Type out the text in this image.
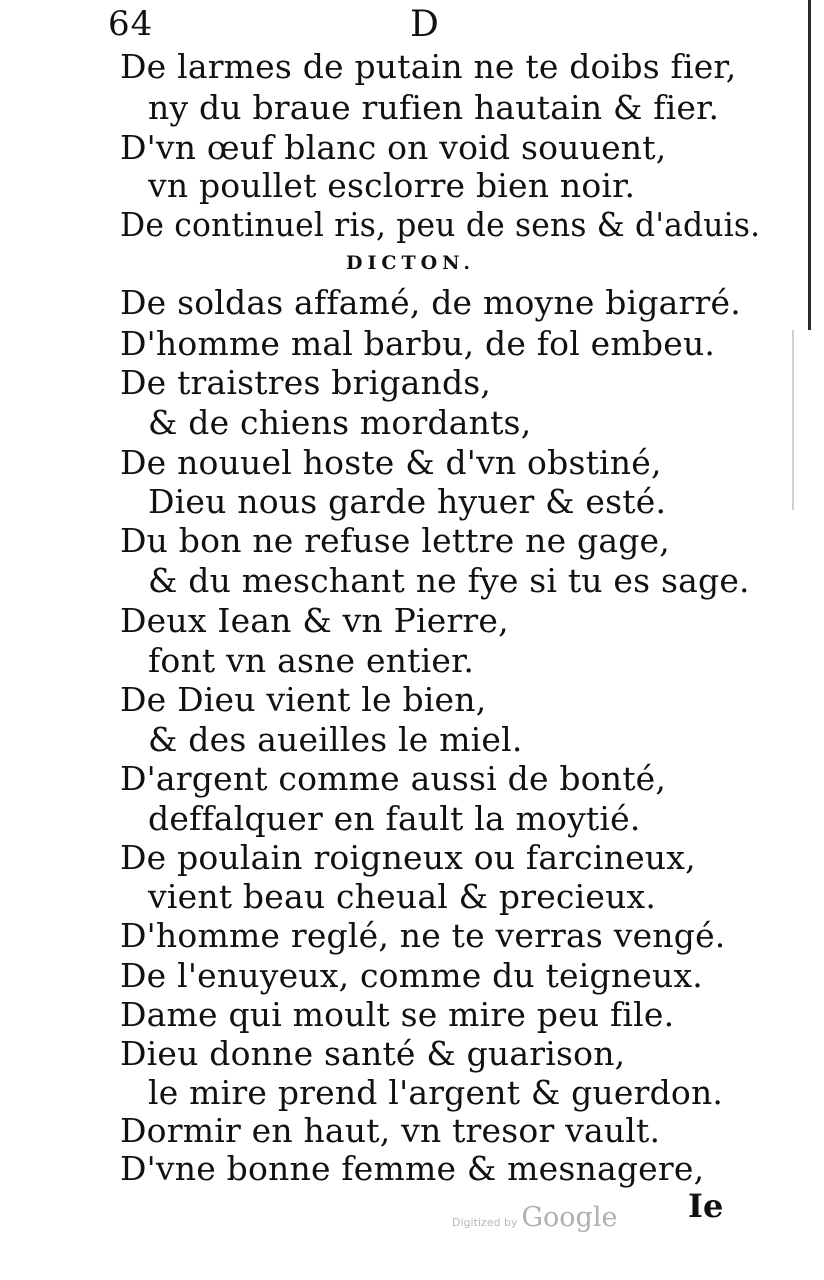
64	D
De larmes de putain ne te doibs fier,
ny du braue rufien hautain & fier.
D'vn œuf blanc on void souuent,
vn poullet esclorre bien noir.
De continuel ris, peu de sens & d'aduis.
DICTON.
De soldas affamé, de moyne bigarré.
D'homme mal barbu, de fol embeu.
De traistres brigands,
& de chiens mordants,
De nouuel hoste & d'vn obstiné,
Dieu nous garde hyuer & esté.
Du bon ne refuse lettre ne gage,
& du meschant ne fye si tu es sage.
Deux Iean & vn Pierre,
font vn asne entier.
De Dieu vient le bien,
& des aueilles le miel.
D'argent comme aussi de bonté,
deffalquer en fault la moytié.
De poulain roigneux ou farcineux,
vient beau cheual & precieux.
D'homme reglé, ne te verras vengé.
De l'enuyeux, comme du teigneux.
Dame qui moult se mire peu file.
Dieu donne santé & guarison,
le mire prend l'argent & guerdon.
Dormir en haut, vn tresor vault.
D'vne bonne femme & mesnagere,
Ie
Digitized by Google
